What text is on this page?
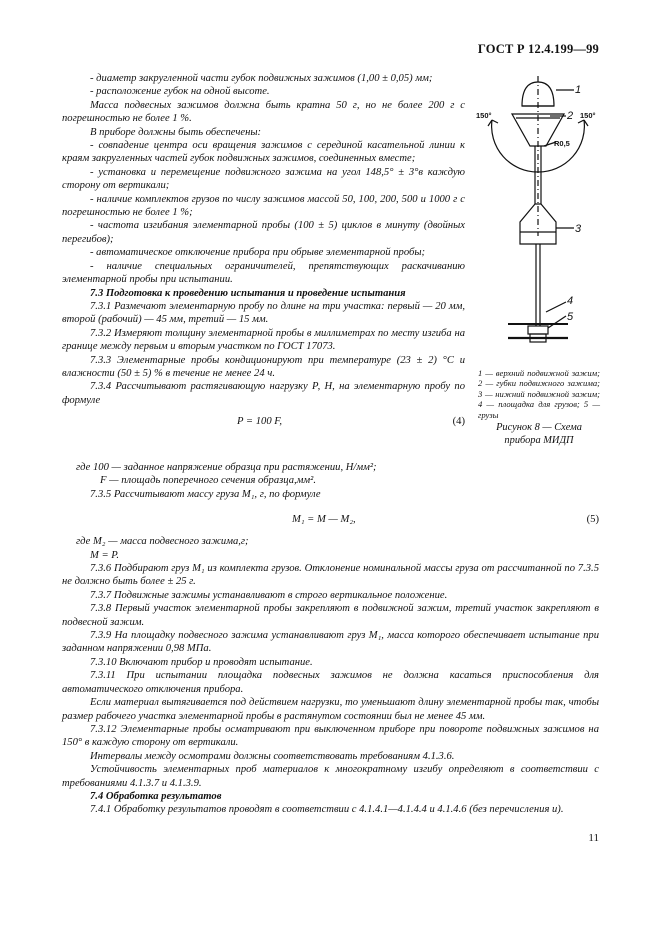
ГОСТ Р 12.4.199—99

- диаметр закругленной части губок подвижных зажимов (1,00 ± 0,05) мм;

- расположение губок на одной высоте.

Масса подвесных зажимов должна быть кратна 50 г, но не более 200 г с погрешностью не более 1 %.

В приборе должны быть обеспечены:

- совпадение центра оси вращения зажимов с серединой касательной линии к краям закругленных частей губок подвижных зажимов, соединенных вместе;

- установка и перемещение подвижного зажима на угол 148,5° ± 3°в каждую сторону от вертикали;

- наличие комплектов грузов по числу зажимов массой 50, 100, 200, 500 и 1000 г с погрешностью не более 1 %;

- частота изгибания элементарной пробы (100 ± 5) циклов в минуту (двойных перегибов);

- автоматическое отключение прибора при обрыве элементарной пробы;

- наличие специальных ограничителей, препятствующих раскачиванию элементарной пробы при испытании.

7.3 Подготовка к проведению испытания и проведение испытания

7.3.1 Размечают элементарную пробу по длине на три участка: первый — 20 мм, второй (рабочий) — 45 мм, третий — 15 мм.

7.3.2 Измеряют толщину элементарной пробы в миллиметрах по месту изгиба на границе между первым и вторым участком по ГОСТ 17073.

7.3.3 Элементарные пробы кондиционируют при температуре (23 ± 2) °С и влажности (50 ± 5) % в течение не менее 24 ч.

7.3.4 Рассчитывают растягивающую нагрузку Р, Н, на элементарную пробу по формуле

P = 100 F,	(4)
где 100 — заданное напряжение образца при растяжении, Н/мм²;
F — площадь поперечного сечения образца,мм².

7.3.5 Рассчитывают массу груза М₁, г, по формуле

M₁ = M — M₂,	(5)
где M₂ — масса подвесного зажима,г;
M = P.

7.3.6 Подбирают груз M₁ из комплекта грузов. Отклонение номинальной массы груза от рассчитанной по 7.3.5 не должно быть более ± 25 г.

7.3.7 Подвижные зажимы устанавливают в строго вертикальное положение.

7.3.8 Первый участок элементарной пробы закрепляют в подвижной зажим, третий участок закрепляют в подвесной зажим.

7.3.9 На площадку подвесного зажима устанавливают груз M₁, масса которого обеспечивает испытание при заданном напряжении 0,98 МПа.

7.3.10 Включают прибор и проводят испытание.

7.3.11 При испытании площадка подвесных зажимов не должна касаться приспособления для автоматического отключения прибора.

Если материал вытягивается под действием нагрузки, то уменьшают длину элементарной пробы так, чтобы размер рабочего участка элементарной пробы в растянутом состоянии был не менее 45 мм.

7.3.12 Элементарные пробы осматривают при выключенном приборе при повороте подвижных зажимов на 150° в каждую сторону от вертикали.

Интервалы между осмотрами должны соответствовать требованиям 4.1.3.6.

Устойчивость элементарных проб материалов к многократному изгибу определяют в соответствии с требованиями 4.1.3.7 и 4.1.3.9.

7.4 Обработка результатов

7.4.1 Обработку результатов проводят в соответствии с 4.1.4.1—4.1.4.4 и 4.1.4.6 (без перечисления и).

1
2
3
4
5
150°	150°
R0,5
1 — верхний подвижной зажим; 2 — губки подвижного зажима; 3 — нижний подвижной зажим; 4 — площадка для грузов; 5 — грузы
Рисунок 8 — Схема прибора МИДП
11
